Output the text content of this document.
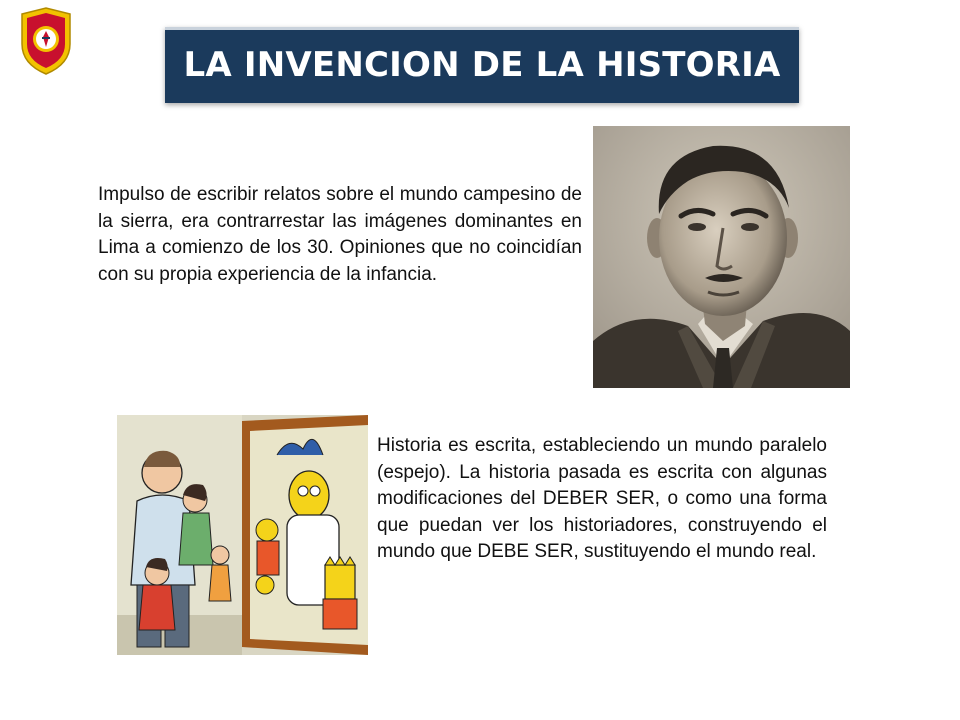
LA INVENCION DE LA HISTORIA

Impulso de escribir relatos sobre el mundo campesino de la sierra, era contrarrestar las imágenes dominantes en Lima a comienzo de los 30. Opiniones que no coincidían con su propia experiencia de la infancia.

Historia es escrita, estableciendo un mundo paralelo (espejo). La historia pasada es escrita con algunas modificaciones del DEBER SER, o como una forma que puedan ver los historiadores, construyendo el mundo que DEBE SER, sustituyendo el mundo real.
